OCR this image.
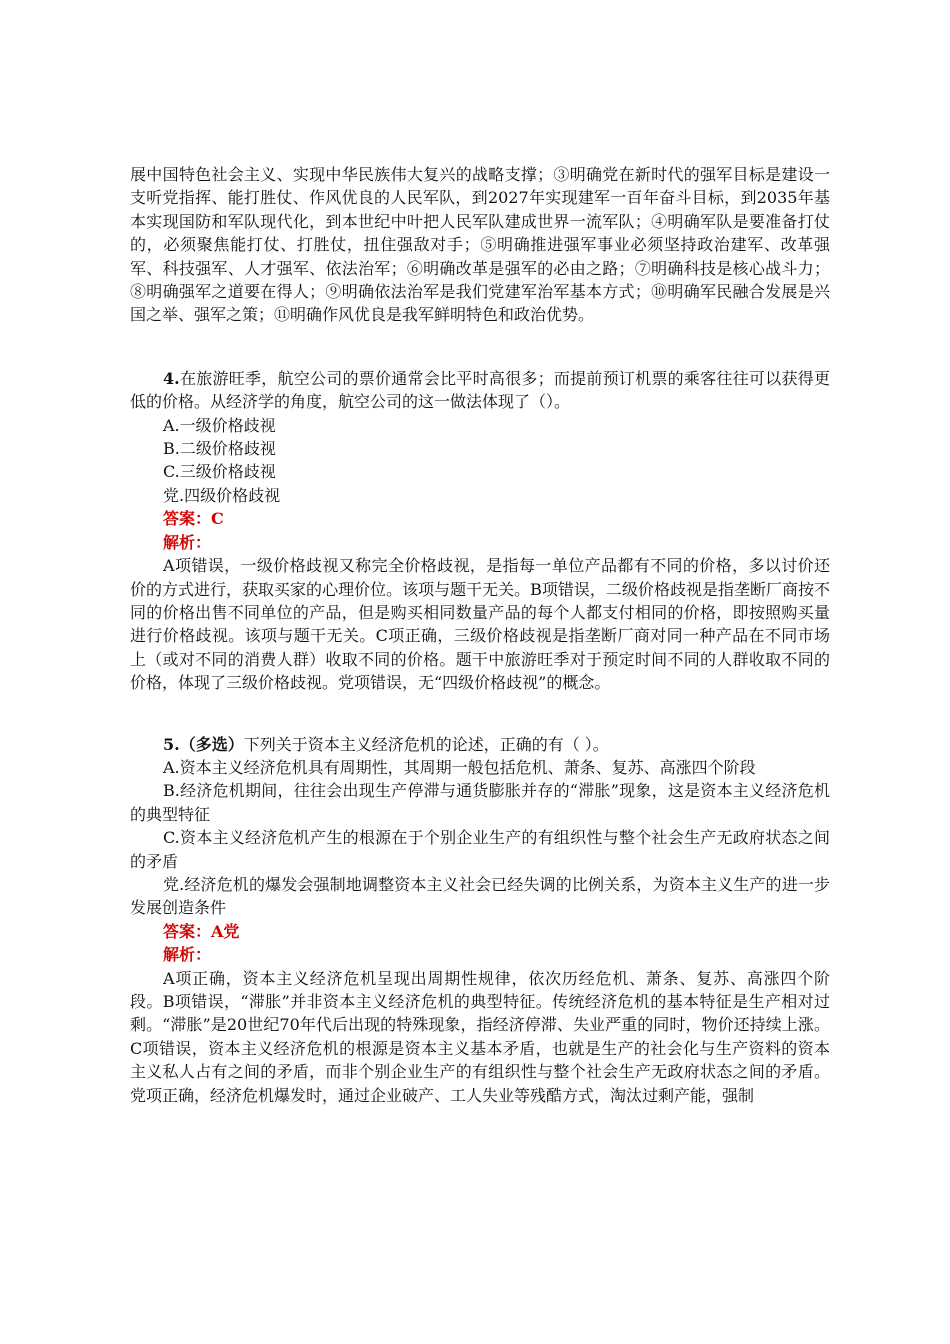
展中国特色社会主义、实现中华民族伟大复兴的战略支撑；③明确党在新时代的强军目标是建设一支听党指挥、能打胜仗、作风优良的人民军队，到2027年实现建军一百年奋斗目标，到2035年基本实现国防和军队现代化，到本世纪中叶把人民军队建成世界一流军队；④明确军队是要准备打仗的，必须聚焦能打仗、打胜仗，扭住强敌对手；⑤明确推进强军事业必须坚持政治建军、改革强军、科技强军、人才强军、依法治军；⑥明确改革是强军的必由之路；⑦明确科技是核心战斗力；⑧明确强军之道要在得人；⑨明确依法治军是我们党建军治军基本方式；⑩明确军民融合发展是兴国之举、强军之策；⑪明确作风优良是我军鲜明特色和政治优势。

4.在旅游旺季，航空公司的票价通常会比平时高很多；而提前预订机票的乘客往往可以获得更低的价格。从经济学的角度，航空公司的这一做法体现了（）。

A.一级价格歧视

B.二级价格歧视

C.三级价格歧视

党.四级价格歧视

答案：C

解析：

A项错误，一级价格歧视又称完全价格歧视，是指每一单位产品都有不同的价格，多以讨价还价的方式进行，获取买家的心理价位。该项与题干无关。B项错误，二级价格歧视是指垄断厂商按不同的价格出售不同单位的产品，但是购买相同数量产品的每个人都支付相同的价格，即按照购买量进行价格歧视。该项与题干无关。C项正确，三级价格歧视是指垄断厂商对同一种产品在不同市场上（或对不同的消费人群）收取不同的价格。题干中旅游旺季对于预定时间不同的人群收取不同的价格，体现了三级价格歧视。党项错误，无“四级价格歧视”的概念。

5.（多选）下列关于资本主义经济危机的论述，正确的有（ ）。

A.资本主义经济危机具有周期性，其周期一般包括危机、萧条、复苏、高涨四个阶段

B.经济危机期间，往往会出现生产停滞与通货膨胀并存的“滞胀”现象，这是资本主义经济危机的典型特征

C.资本主义经济危机产生的根源在于个别企业生产的有组织性与整个社会生产无政府状态之间的矛盾

党.经济危机的爆发会强制地调整资本主义社会已经失调的比例关系，为资本主义生产的进一步发展创造条件

答案：A党

解析：

A项正确，资本主义经济危机呈现出周期性规律，依次历经危机、萧条、复苏、高涨四个阶段。B项错误，“滞胀”并非资本主义经济危机的典型特征。传统经济危机的基本特征是生产相对过剩。“滞胀”是20世纪70年代后出现的特殊现象，指经济停滞、失业严重的同时，物价还持续上涨。C项错误，资本主义经济危机的根源是资本主义基本矛盾，也就是生产的社会化与生产资料的资本主义私人占有之间的矛盾，而非个别企业生产的有组织性与整个社会生产无政府状态之间的矛盾。党项正确，经济危机爆发时，通过企业破产、工人失业等残酷方式，淘汰过剩产能，强制
